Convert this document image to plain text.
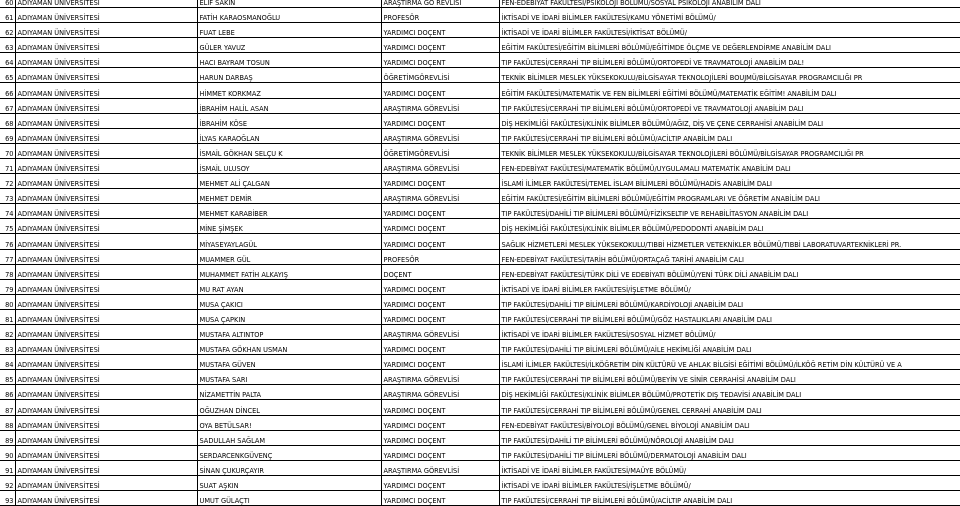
60	ADIYAMAN ÜNİVERSİTESİ	ELİF SAKİN	ARAŞTIRMA GÖ REVLİSİ	FEN-EDEBİYAT FAKÜLTESİ/PSİKOLOJİ BÖLÜMÜ/SOSYAL PSİKOLOJİ ANABİLİM DALI
61	ADIYAMAN ÜNİVERSİTESİ	FATİH KARAOSMANOĞLU	PROFESÖR	İKTİSADİ VE İDARİ BİLİMLER FAKÜLTESİ/KAMU YÖNETİMİ BÖLÜMÜ/
62	ADIYAMAN ÜNİVERSİTESİ	FUAT LEBE	YARDIMCI DOÇENT	İKTİSADİ VE İDARİ BİLİMLER FAKÜLTESİ/İKTİSAT BÖLÜMÜ/
63	ADIYAMAN ÜNİVERSİTESİ	GÜLER YAVUZ	YARDIMCI DOÇENT	EĞİTİM FAKÜLTESİ/EĞİTİM BİLİMLERİ BÖLÜMÜ/EĞİTİMDE ÖLÇME VE DEĞERLENDİRME ANABİLİM DALI
64	ADIYAMAN ÜNİVERSİTESİ	HACI BAYRAM TOSUN	YARDIMCI DOÇENT	TIP FAKÜLTESİ/CERRAHİ TIP BİLİMLERİ BÖLÜMÜ/ORTOPEDİ VE TRAVMATOLOJİ ANABİLİM DAL!
65	ADIYAMAN ÜNİVERSİTESİ	HARUN DARBAŞ	ÖĞRETİMGÖREVLİSİ	TEKNİK BİLİMLER MESLEK YÜKSEKOKULU/BİLGİSAYAR TEKNOLOJİLERİ BOUJMÜ/BİLGİSAYAR PROGRAMCILIĞI PR
66	ADIYAMAN ÜNİVERSİTESİ	HİMMET KORKMAZ	YARDIMCI DOÇENT	EĞİTİM FAKÜLTESİ/MATEMATİK VE FEN BİLİMLERİ EĞİTİMİ BÖLÜMÜ/MATEMATİK EĞİTİM! ANABİLİM DALI
67	ADIYAMAN ÜNİVERSİTESİ	İBRAHİM HALİL ASAN	ARAŞTIRMA GÖREVLİSİ	TIP FAKÜLTESİ/CERRAHİ TIP BİLİMLERİ BÖLÜMÜ/ORTOPEDİ VE TRAVMATOLOJİ ANABİLİM DALI
68	ADIYAMAN ÜNİVERSİTESİ	İBRAHİM KÖSE	YARDIMCI DOÇENT	DİŞ HEKİMLİĞİ FAKÜLTESİ/KLİNİK BİLİMLER BÖLÜMÜ/AĞIZ, DİŞ VE ÇENE CERRAHİSİ ANABİLİM DALI
69	ADIYAMAN ÜNİVERSİTESİ	İLYAS KARAOĞLAN	ARAŞTIRMA GÖREVLİSİ	TIP FAKÜLTESİ/CERRAHİ TIP BİLİMLERİ BÖLÜMÜ/ACİLTIP ANABİLİM DALI
70	ADIYAMAN ÜNİVERSİTESİ	İSMAİL GÖKHAN SELÇU K	ÖĞRETİMGÖREVLİSİ	TEKNİK BİLİMLER MESLEK YÜKSEKOKULU/BİLGİSAYAR TEKNOLOJİLERİ BÖLÜMÜ/BİLGİSAYAR PROGRAMCILIĞI PR
71	ADIYAMAN ÜNİVERSİTESİ	İSMAİL ULUSOY	ARAŞTIRMA GÖREVLİSİ	FEN-EDEBİYAT FAKÜLTESİ/MATEMATİK BÖLÜMÜ/UYGULAMALI MATEMATİK ANABİLİM DALI
72	ADIYAMAN ÜNİVERSİTESİ	MEHMET ALİ ÇALGAN	YARDIMCI DOÇENT	İSLAMİ İLİMLER FAKÜLTESİ/TEMEL İSLAM BİLİMLERİ BÖLÜMÜ/HADİS ANABİLİM DALI
73	ADIYAMAN ÜNİVERSİTESİ	MEHMET DEMİR	ARAŞTIRMA GÖREVLİSİ	EĞİTİM FAKÜLTESİ/EĞİTİM BİLİMLERİ BÖLÜMÜ/EĞİTİM PROGRAMLARI VE ÖĞRETİM ANABİLİM DALI
74	ADIYAMAN ÜNİVERSİTESİ	MEHMET KARABİBER	YARDIMCI DOÇENT	TIP FAKÜLTESİ/DAHİLİ TIP BİLİMLERİ BÖLÜMÜ/FİZİKSELTIP VE REHABİLİTASYON ANABİLİM DALI
75	ADIYAMAN ÜNİVERSİTESİ	MİNE ŞİMŞEK	YARDIMCI DOÇENT	DİŞ HEKİMLİĞİ FAKÜLTESİ/KLİNİK BİLİMLER BÖLÜMÜ/PEDODONTİ ANABİLİM DALI
76	ADIYAMAN ÜNİVERSİTESİ	MİYASEYAYLAGÜL	YARDIMCI DOÇENT	SAĞLIK HİZMETLERİ MESLEK YÜKSEKOKULU/TIBBİ HİZMETLER VETEKNİKLER BÖLÜMÜ/TIBBİ LABORATUVARTEKNİKLERİ PR.
77	ADIYAMAN ÜNİVERSİTESİ	MUAMMER GÜL	PROFESÖR	FEN-EDEBİYAT FAKÜLTESİ/TARİH BÖLÜMÜ/ORTAÇAĞ TARİHİ ANABİLİM CALI
78	ADIYAMAN ÜNİVERSİTESİ	MUHAMMET FATİH ALKAYIŞ	DOÇENT	FEN-EDEBİYAT FAKÜLTESİ/TÜRK DİLİ VE EDEBİYATI BÖLÜMÜ/YENİ TÜRK DİLİ ANABİLİM DALI
79	ADIYAMAN ÜNİVERSİTESİ	MU RAT AYAN	YARDIMCI DOÇENT	İKTİSADİ VE İDARİ BİLİMLER FAKÜLTESİ/İŞLETME BÖLÜMÜ/
80	ADIYAMAN ÜNİVERSİTESİ	MUSA ÇAKICI	YARDIMCI DOÇENT	TIP FAKÜLTESİ/DAHİLİ TIP BİLİMLERİ BÖLÜMÜ/KARDİYOLOJİ ANABİLİM DALI
81	ADIYAMAN ÜNİVERSİTESİ	MUSA ÇAPKIN	YARDIMCI DOÇENT	TIP FAKÜLTESİ/CERRAHİ TIP BİLİMLERİ BÖLÜMÜ/GÖZ HASTALIKLARI ANABİLİM DALI
82	ADIYAMAN ÜNİVERSİTESİ	MUSTAFA ALTINTOP	ARAŞTIRMA GÖREVLİSİ	İKTİSADİ VE İDARİ BİLİMLER FAKÜLTESİ/SOSYAL HİZMET BÖLÜMÜ/
83	ADIYAMAN ÜNİVERSİTESİ	MUSTAFA GÖKHAN USMAN	YARDIMCI DOÇENT	TIP FAKÜLTESİ/DAHİLİ TIP BİLİMLERİ BÖLÜMÜ/AİLE HEKİMLİĞİ ANABİLİM DALI
84	ADIYAMAN ÜNİVERSİTESİ	MUSTAFA GÜVEN	YARDIMCI DOÇENT	İSLAMİ İLİMLER FAKÜLTESİ/İLKÖĞRETİM DİN KÜLTÜRÜ VE AHLAK BİLGİSİ EĞİTİMİ BÖLÜMÜ/İLKÖĞ RETİM DİN KÜLTÜRÜ VE A
85	ADIYAMAN ÜNİVERSİTESİ	MUSTAFA SARI	ARAŞTIRMA GÖREVLİSİ	TIP FAKÜLTESİ/CERRAHİ TIP BİLİMLERİ BÖLÜMÜ/BEYİN VE SİNİR CERRAHİSİ ANABİLİM DALI
86	ADIYAMAN ÜNİVERSİTESİ	NİZAMETTİN PALTA	ARAŞTIRMA GÖREVLİSİ	DİŞ HEKİMLİĞİ FAKÜLTESİ/KLİNİK BİLİMLER BÖLÜMÜ/PROTETİK DIŞ TEDAVİSİ ANABİLİM DALI
87	ADIYAMAN ÜNİVERSİTESİ	OĞUZHAN DİNCEL	YARDIMCI DOÇENT	TIP FAKÜLTESİ/CERRAHİ TIP BİLİMLERİ BÖLÜMÜ/GENEL CERRAHİ ANABİLİM DALI
88	ADIYAMAN ÜNİVERSİTESİ	OYA BETÜLSAR!	YARDIMCI DOÇENT	FEN-EDEBİYAT FAKÜLTESİ/BİYOLOJİ BÖLÜMÜ/GENEL BİYOLOJİ ANABİLİM DALI
89	ADIYAMAN ÜNİVERSİTESİ	SADULLAH SAĞLAM	YARDIMCI DOÇENT	TIP FAKÜLTESİ/DAHİLİ TIP BİLİMLERİ BÖLÜMÜ/NÖROLOJİ ANABİLİM DALI
90	ADIYAMAN ÜNİVERSİTESİ	SERDARCENKGÜVENÇ	YARDIMCI DOÇENT	TIP FAKÜLTESİ/DAHİLİ TIP BİLİMLERİ BÖLÜMÜ/DERMATOLOJİ ANABİLİM DALI
91	ADIYAMAN ÜNİVERSİTESİ	SİNAN ÇUKURÇAYIR	ARAŞTIRMA GÖREVLİSİ	İKTİSADİ VE İDARİ BİLİMLER FAKÜLTESİ/MAÜYE BÖLÜMÜ/
92	ADIYAMAN ÜNİVERSİTESİ	SUAT AŞKIN	YARDIMCI DOÇENT	İKTİSADİ VE İDARİ BİLİMLER FAKÜLTESİ/İŞLETME BÖLÜMÜ/
93	ADIYAMAN ÜNİVERSİTESİ	UMUT GÜLAÇTI	YARDIMCI DOÇENT	TIP FAKÜLTESİ/CERRAHİ TIP BİLİMLERİ BÖLÜMÜ/ACİLTIP ANABİLİM DALI
